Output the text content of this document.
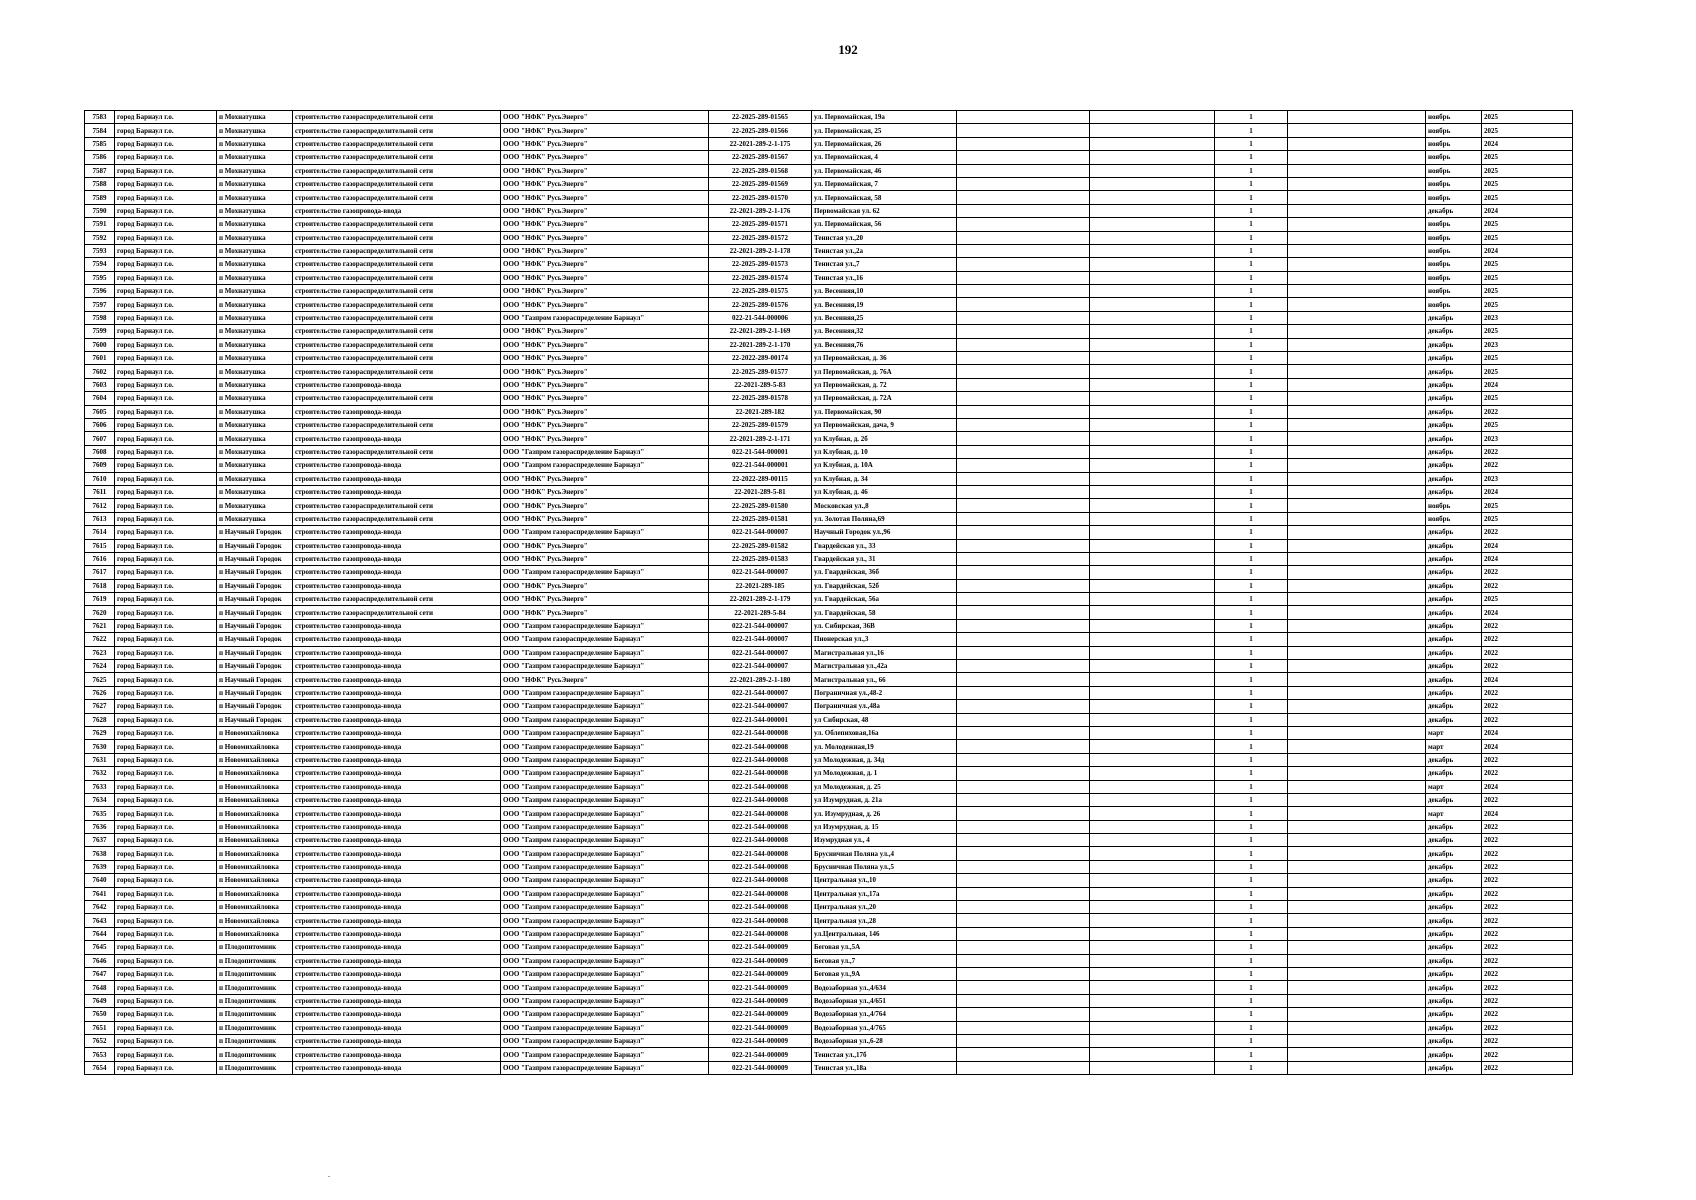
192
7583	город Барнаул г.о.	п Мохнатушка	строительство газораспределительной сети	ООО "НФК" РусьЭнерго"	22-2025-289-01565	ул. Первомайская, 19а			1		ноябрь	2025
7584	город Барнаул г.о.	п Мохнатушка	строительство газораспределительной сети	ООО "НФК" РусьЭнерго"	22-2025-289-01566	ул. Первомайская, 25			1		ноябрь	2025
7585	город Барнаул г.о.	п Мохнатушка	строительство газораспределительной сети	ООО "НФК" РусьЭнерго"	22-2021-289-2-1-175	ул. Первомайская, 26			1		ноябрь	2024
7586	город Барнаул г.о.	п Мохнатушка	строительство газораспределительной сети	ООО "НФК" РусьЭнерго"	22-2025-289-01567	ул. Первомайская, 4			1		ноябрь	2025
7587	город Барнаул г.о.	п Мохнатушка	строительство газораспределительной сети	ООО "НФК" РусьЭнерго"	22-2025-289-01568	ул. Первомайская, 46			1		ноябрь	2025
7588	город Барнаул г.о.	п Мохнатушка	строительство газораспределительной сети	ООО "НФК" РусьЭнерго"	22-2025-289-01569	ул. Первомайская, 7			1		ноябрь	2025
7589	город Барнаул г.о.	п Мохнатушка	строительство газораспределительной сети	ООО "НФК" РусьЭнерго"	22-2025-289-01570	ул. Первомайская, 58			1		ноябрь	2025
7590	город Барнаул г.о.	п Мохнатушка	строительство газопровода-ввода	ООО "НФК" РусьЭнерго"	22-2021-289-2-1-176	Первомайская ул. 62			1		декабрь	2024
7591	город Барнаул г.о.	п Мохнатушка	строительство газораспределительной сети	ООО "НФК" РусьЭнерго"	22-2025-289-01571	ул. Первомайская, 56			1		ноябрь	2025
7592	город Барнаул г.о.	п Мохнатушка	строительство газораспределительной сети	ООО "НФК" РусьЭнерго"	22-2025-289-01572	Тенистая ул.,20			1		ноябрь	2025
7593	город Барнаул г.о.	п Мохнатушка	строительство газораспределительной сети	ООО "НФК" РусьЭнерго"	22-2021-289-2-1-178	Тенистая ул.,2а			1		ноябрь	2024
7594	город Барнаул г.о.	п Мохнатушка	строительство газораспределительной сети	ООО "НФК" РусьЭнерго"	22-2025-289-01573	Тенистая ул.,7			1		ноябрь	2025
7595	город Барнаул г.о.	п Мохнатушка	строительство газораспределительной сети	ООО "НФК" РусьЭнерго"	22-2025-289-01574	Тенистая ул.,16			1		ноябрь	2025
7596	город Барнаул г.о.	п Мохнатушка	строительство газораспределительной сети	ООО "НФК" РусьЭнерго"	22-2025-289-01575	ул. Весенняя,10			1		ноябрь	2025
7597	город Барнаул г.о.	п Мохнатушка	строительство газораспределительной сети	ООО "НФК" РусьЭнерго"	22-2025-289-01576	ул. Весенняя,19			1		ноябрь	2025
7598	город Барнаул г.о.	п Мохнатушка	строительство газораспределительной сети	ООО "Газпром газораспределение Барнаул"	022-21-544-000006	ул. Весенняя,25			1		декабрь	2023
7599	город Барнаул г.о.	п Мохнатушка	строительство газораспределительной сети	ООО "НФК" РусьЭнерго"	22-2021-289-2-1-169	ул. Весенняя,32			1		декабрь	2025
7600	город Барнаул г.о.	п Мохнатушка	строительство газораспределительной сети	ООО "НФК" РусьЭнерго"	22-2021-289-2-1-170	ул. Весенняя,76			1		декабрь	2023
7601	город Барнаул г.о.	п Мохнатушка	строительство газораспределительной сети	ООО "НФК" РусьЭнерго"	22-2022-289-00174	ул Первомайская, д. 36			1		декабрь	2025
7602	город Барнаул г.о.	п Мохнатушка	строительство газораспределительной сети	ООО "НФК" РусьЭнерго"	22-2025-289-01577	ул Первомайская, д. 76А			1		декабрь	2025
7603	город Барнаул г.о.	п Мохнатушка	строительство газопровода-ввода	ООО "НФК" РусьЭнерго"	22-2021-289-5-83	ул Первомайская, д. 72			1		декабрь	2024
7604	город Барнаул г.о.	п Мохнатушка	строительство газораспределительной сети	ООО "НФК" РусьЭнерго"	22-2025-289-01578	ул Первомайская, д. 72А			1		декабрь	2025
7605	город Барнаул г.о.	п Мохнатушка	строительство газопровода-ввода	ООО "НФК" РусьЭнерго"	22-2021-289-182	ул. Первомайская, 90			1		декабрь	2022
7606	город Барнаул г.о.	п Мохнатушка	строительство газораспределительной сети	ООО "НФК" РусьЭнерго"	22-2025-289-01579	ул Первомайская, дача, 9			1		декабрь	2025
7607	город Барнаул г.о.	п Мохнатушка	строительство газопровода-ввода	ООО "НФК" РусьЭнерго"	22-2021-289-2-1-171	ул Клубная, д. 2б			1		декабрь	2023
7608	город Барнаул г.о.	п Мохнатушка	строительство газораспределительной сети	ООО "Газпром газораспределение Барнаул"	022-21-544-000001	ул Клубная, д. 10			1		декабрь	2022
7609	город Барнаул г.о.	п Мохнатушка	строительство газопровода-ввода	ООО "Газпром газораспределение Барнаул"	022-21-544-000001	ул Клубная, д. 10А			1		декабрь	2022
7610	город Барнаул г.о.	п Мохнатушка	строительство газопровода-ввода	ООО "НФК" РусьЭнерго"	22-2022-289-00115	ул Клубная, д. 34			1		декабрь	2023
7611	город Барнаул г.о.	п Мохнатушка	строительство газопровода-ввода	ООО "НФК" РусьЭнерго"	22-2021-289-5-81	ул Клубная, д. 46			1		декабрь	2024
7612	город Барнаул г.о.	п Мохнатушка	строительство газораспределительной сети	ООО "НФК" РусьЭнерго"	22-2025-289-01580	Московская ул.,8			1		ноябрь	2025
7613	город Барнаул г.о.	п Мохнатушка	строительство газораспределительной сети	ООО "НФК" РусьЭнерго"	22-2025-289-01581	ул. Золотая Поляна,69			1		ноябрь	2025
7614	город Барнаул г.о.	п Научный Городок	строительство газопровода-ввода	ООО "Газпром газораспределение Барнаул"	022-21-544-000007	Научный Городок ул.,96			1		декабрь	2022
7615	город Барнаул г.о.	п Научный Городок	строительство газопровода-ввода	ООО "НФК" РусьЭнерго"	22-2025-289-01582	Гвардейская ул., 33			1		декабрь	2024
7616	город Барнаул г.о.	п Научный Городок	строительство газопровода-ввода	ООО "НФК" РусьЭнерго"	22-2025-289-01583	Гвардейская ул., 31			1		декабрь	2024
7617	город Барнаул г.о.	п Научный Городок	строительство газопровода-ввода	ООО "Газпром газораспределение Барнаул"	022-21-544-000007	ул. Гвардейская, 36б			1		декабрь	2022
7618	город Барнаул г.о.	п Научный Городок	строительство газопровода-ввода	ООО "НФК" РусьЭнерго"	22-2021-289-185	ул. Гвардейская, 52б			1		декабрь	2022
7619	город Барнаул г.о.	п Научный Городок	строительство газораспределительной сети	ООО "НФК" РусьЭнерго"	22-2021-289-2-1-179	ул. Гвардейская, 56а			1		декабрь	2025
7620	город Барнаул г.о.	п Научный Городок	строительство газораспределительной сети	ООО "НФК" РусьЭнерго"	22-2021-289-5-84	ул. Гвардейская, 58			1		декабрь	2024
7621	город Барнаул г.о.	п Научный Городок	строительство газопровода-ввода	ООО "Газпром газораспределение Барнаул"	022-21-544-000007	ул. Сибирская, 36В			1		декабрь	2022
7622	город Барнаул г.о.	п Научный Городок	строительство газопровода-ввода	ООО "Газпром газораспределение Барнаул"	022-21-544-000007	Пионерская ул.,3			1		декабрь	2022
7623	город Барнаул г.о.	п Научный Городок	строительство газопровода-ввода	ООО "Газпром газораспределение Барнаул"	022-21-544-000007	Магистральная ул.,16			1		декабрь	2022
7624	город Барнаул г.о.	п Научный Городок	строительство газопровода-ввода	ООО "Газпром газораспределение Барнаул"	022-21-544-000007	Магистральная ул.,42а			1		декабрь	2022
7625	город Барнаул г.о.	п Научный Городок	строительство газопровода-ввода	ООО "НФК" РусьЭнерго"	22-2021-289-2-1-180	Магистральная ул., 66			1		декабрь	2024
7626	город Барнаул г.о.	п Научный Городок	строительство газопровода-ввода	ООО "Газпром газораспределение Барнаул"	022-21-544-000007	Пограничная ул.,48-2			1		декабрь	2022
7627	город Барнаул г.о.	п Научный Городок	строительство газопровода-ввода	ООО "Газпром газораспределение Барнаул"	022-21-544-000007	Пограничная ул.,48а			1		декабрь	2022
7628	город Барнаул г.о.	п Научный Городок	строительство газопровода-ввода	ООО "Газпром газораспределение Барнаул"	022-21-544-000001	ул Сибирская, 48			1		декабрь	2022
7629	город Барнаул г.о.	п Новомихайловка	строительство газопровода-ввода	ООО "Газпром газораспределение Барнаул"	022-21-544-000008	ул. Облепиховая,16а			1		март	2024
7630	город Барнаул г.о.	п Новомихайловка	строительство газопровода-ввода	ООО "Газпром газораспределение Барнаул"	022-21-544-000008	ул. Молодежная,19			1		март	2024
7631	город Барнаул г.о.	п Новомихайловка	строительство газопровода-ввода	ООО "Газпром газораспределение Барнаул"	022-21-544-000008	ул Молодежная, д. 34д			1		декабрь	2022
7632	город Барнаул г.о.	п Новомихайловка	строительство газопровода-ввода	ООО "Газпром газораспределение Барнаул"	022-21-544-000008	ул Молодежная, д. 1			1		декабрь	2022
7633	город Барнаул г.о.	п Новомихайловка	строительство газопровода-ввода	ООО "Газпром газораспределение Барнаул"	022-21-544-000008	ул Молодежная, д. 25			1		март	2024
7634	город Барнаул г.о.	п Новомихайловка	строительство газопровода-ввода	ООО "Газпром газораспределение Барнаул"	022-21-544-000008	ул Изумрудная, д. 21а			1		декабрь	2022
7635	город Барнаул г.о.	п Новомихайловка	строительство газопровода-ввода	ООО "Газпром газораспределение Барнаул"	022-21-544-000008	ул. Изумрудная, д. 26			1		март	2024
7636	город Барнаул г.о.	п Новомихайловка	строительство газопровода-ввода	ООО "Газпром газораспределение Барнаул"	022-21-544-000008	ул Изумрудная, д. 15			1		декабрь	2022
7637	город Барнаул г.о.	п Новомихайловка	строительство газопровода-ввода	ООО "Газпром газораспределение Барнаул"	022-21-544-000008	Изумрудная ул., 4			1		декабрь	2022
7638	город Барнаул г.о.	п Новомихайловка	строительство газопровода-ввода	ООО "Газпром газораспределение Барнаул"	022-21-544-000008	Брусничная Поляна ул.,4			1		декабрь	2022
7639	город Барнаул г.о.	п Новомихайловка	строительство газопровода-ввода	ООО "Газпром газораспределение Барнаул"	022-21-544-000008	Брусничная Поляна ул.,5			1		декабрь	2022
7640	город Барнаул г.о.	п Новомихайловка	строительство газопровода-ввода	ООО "Газпром газораспределение Барнаул"	022-21-544-000008	Центральная ул.,10			1		декабрь	2022
7641	город Барнаул г.о.	п Новомихайловка	строительство газопровода-ввода	ООО "Газпром газораспределение Барнаул"	022-21-544-000008	Центральная ул.,17а			1		декабрь	2022
7642	город Барнаул г.о.	п Новомихайловка	строительство газопровода-ввода	ООО "Газпром газораспределение Барнаул"	022-21-544-000008	Центральная ул.,20			1		декабрь	2022
7643	город Барнаул г.о.	п Новомихайловка	строительство газопровода-ввода	ООО "Газпром газораспределение Барнаул"	022-21-544-000008	Центральная ул.,28			1		декабрь	2022
7644	город Барнаул г.о.	п Новомихайловка	строительство газопровода-ввода	ООО "Газпром газораспределение Барнаул"	022-21-544-000008	ул.Центральная, 146			1		декабрь	2022
7645	город Барнаул г.о.	п Плодопитомник	строительство газопровода-ввода	ООО "Газпром газораспределение Барнаул"	022-21-544-000009	Беговая ул.,5А			1		декабрь	2022
7646	город Барнаул г.о.	п Плодопитомник	строительство газопровода-ввода	ООО "Газпром газораспределение Барнаул"	022-21-544-000009	Беговая ул.,7			1		декабрь	2022
7647	город Барнаул г.о.	п Плодопитомник	строительство газопровода-ввода	ООО "Газпром газораспределение Барнаул"	022-21-544-000009	Беговая ул.,9А			1		декабрь	2022
7648	город Барнаул г.о.	п Плодопитомник	строительство газопровода-ввода	ООО "Газпром газораспределение Барнаул"	022-21-544-000009	Водозаборная ул.,4/634			1		декабрь	2022
7649	город Барнаул г.о.	п Плодопитомник	строительство газопровода-ввода	ООО "Газпром газораспределение Барнаул"	022-21-544-000009	Водозаборная ул.,4/651			1		декабрь	2022
7650	город Барнаул г.о.	п Плодопитомник	строительство газопровода-ввода	ООО "Газпром газораспределение Барнаул"	022-21-544-000009	Водозаборная ул.,4/764			1		декабрь	2022
7651	город Барнаул г.о.	п Плодопитомник	строительство газопровода-ввода	ООО "Газпром газораспределение Барнаул"	022-21-544-000009	Водозаборная ул.,4/765			1		декабрь	2022
7652	город Барнаул г.о.	п Плодопитомник	строительство газопровода-ввода	ООО "Газпром газораспределение Барнаул"	022-21-544-000009	Водозаборная ул.,6-28			1		декабрь	2022
7653	город Барнаул г.о.	п Плодопитомник	строительство газопровода-ввода	ООО "Газпром газораспределение Барнаул"	022-21-544-000009	Тенистая ул.,17б			1		декабрь	2022
7654	город Барнаул г.о.	п Плодопитомник	строительство газопровода-ввода	ООО "Газпром газораспределение Барнаул"	022-21-544-000009	Тенистая ул.,18а			1		декабрь	2022
.
